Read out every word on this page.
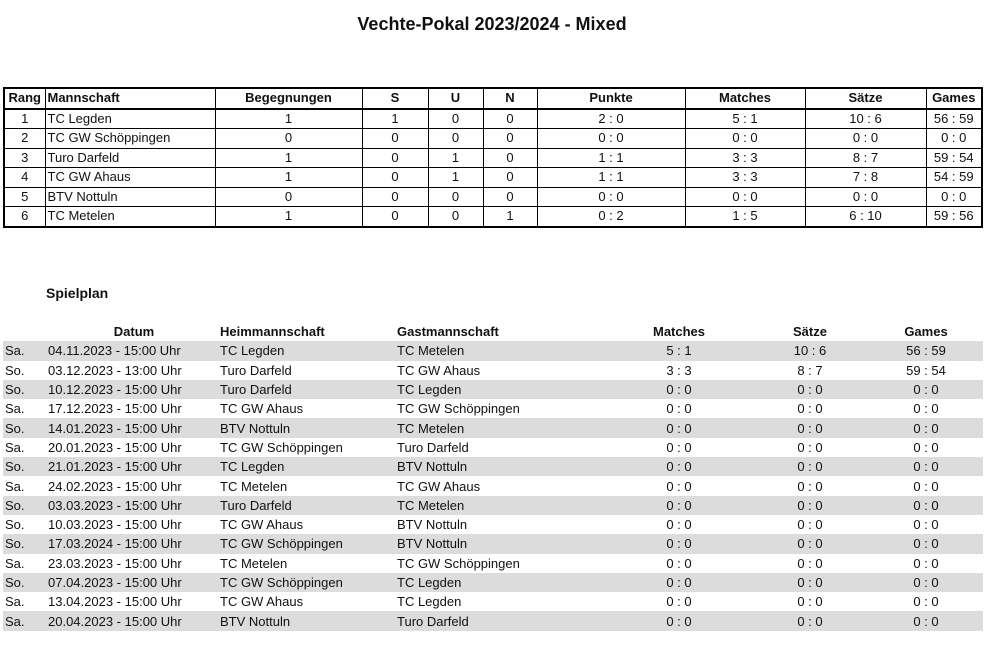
Vechte-Pokal 2023/2024 - Mixed
Rang	Mannschaft	Begegnungen	S	U	N	Punkte	Matches	Sätze	Games
1	TC Legden	1	1	0	0	2 : 0	5 : 1	10 : 6	56 : 59
2	TC GW Schöppingen	0	0	0	0	0 : 0	0 : 0	0 : 0	0 : 0
3	Turo Darfeld	1	0	1	0	1 : 1	3 : 3	8 : 7	59 : 54
4	TC GW Ahaus	1	0	1	0	1 : 1	3 : 3	7 : 8	54 : 59
5	BTV Nottuln	0	0	0	0	0 : 0	0 : 0	0 : 0	0 : 0
6	TC Metelen	1	0	0	1	0 : 2	1 : 5	6 : 10	59 : 56
Spielplan
	Datum	Heimmannschaft	Gastmannschaft	Matches	Sätze	Games
Sa.	04.11.2023 - 15:00 Uhr	TC Legden	TC Metelen	5 : 1	10 : 6	56 : 59
So.	03.12.2023 - 13:00 Uhr	Turo Darfeld	TC GW Ahaus	3 : 3	8 : 7	59 : 54
So.	10.12.2023 - 15:00 Uhr	Turo Darfeld	TC Legden	0 : 0	0 : 0	0 : 0
Sa.	17.12.2023 - 15:00 Uhr	TC GW Ahaus	TC GW Schöppingen	0 : 0	0 : 0	0 : 0
So.	14.01.2023 - 15:00 Uhr	BTV Nottuln	TC Metelen	0 : 0	0 : 0	0 : 0
Sa.	20.01.2023 - 15:00 Uhr	TC GW Schöppingen	Turo Darfeld	0 : 0	0 : 0	0 : 0
So.	21.01.2023 - 15:00 Uhr	TC Legden	BTV Nottuln	0 : 0	0 : 0	0 : 0
Sa.	24.02.2023 - 15:00 Uhr	TC Metelen	TC GW Ahaus	0 : 0	0 : 0	0 : 0
So.	03.03.2023 - 15:00 Uhr	Turo Darfeld	TC Metelen	0 : 0	0 : 0	0 : 0
So.	10.03.2023 - 15:00 Uhr	TC GW Ahaus	BTV Nottuln	0 : 0	0 : 0	0 : 0
So.	17.03.2024 - 15:00 Uhr	TC GW Schöppingen	BTV Nottuln	0 : 0	0 : 0	0 : 0
Sa.	23.03.2023 - 15:00 Uhr	TC Metelen	TC GW Schöppingen	0 : 0	0 : 0	0 : 0
So.	07.04.2023 - 15:00 Uhr	TC GW Schöppingen	TC Legden	0 : 0	0 : 0	0 : 0
Sa.	13.04.2023 - 15:00 Uhr	TC GW Ahaus	TC Legden	0 : 0	0 : 0	0 : 0
Sa.	20.04.2023 - 15:00 Uhr	BTV Nottuln	Turo Darfeld	0 : 0	0 : 0	0 : 0
